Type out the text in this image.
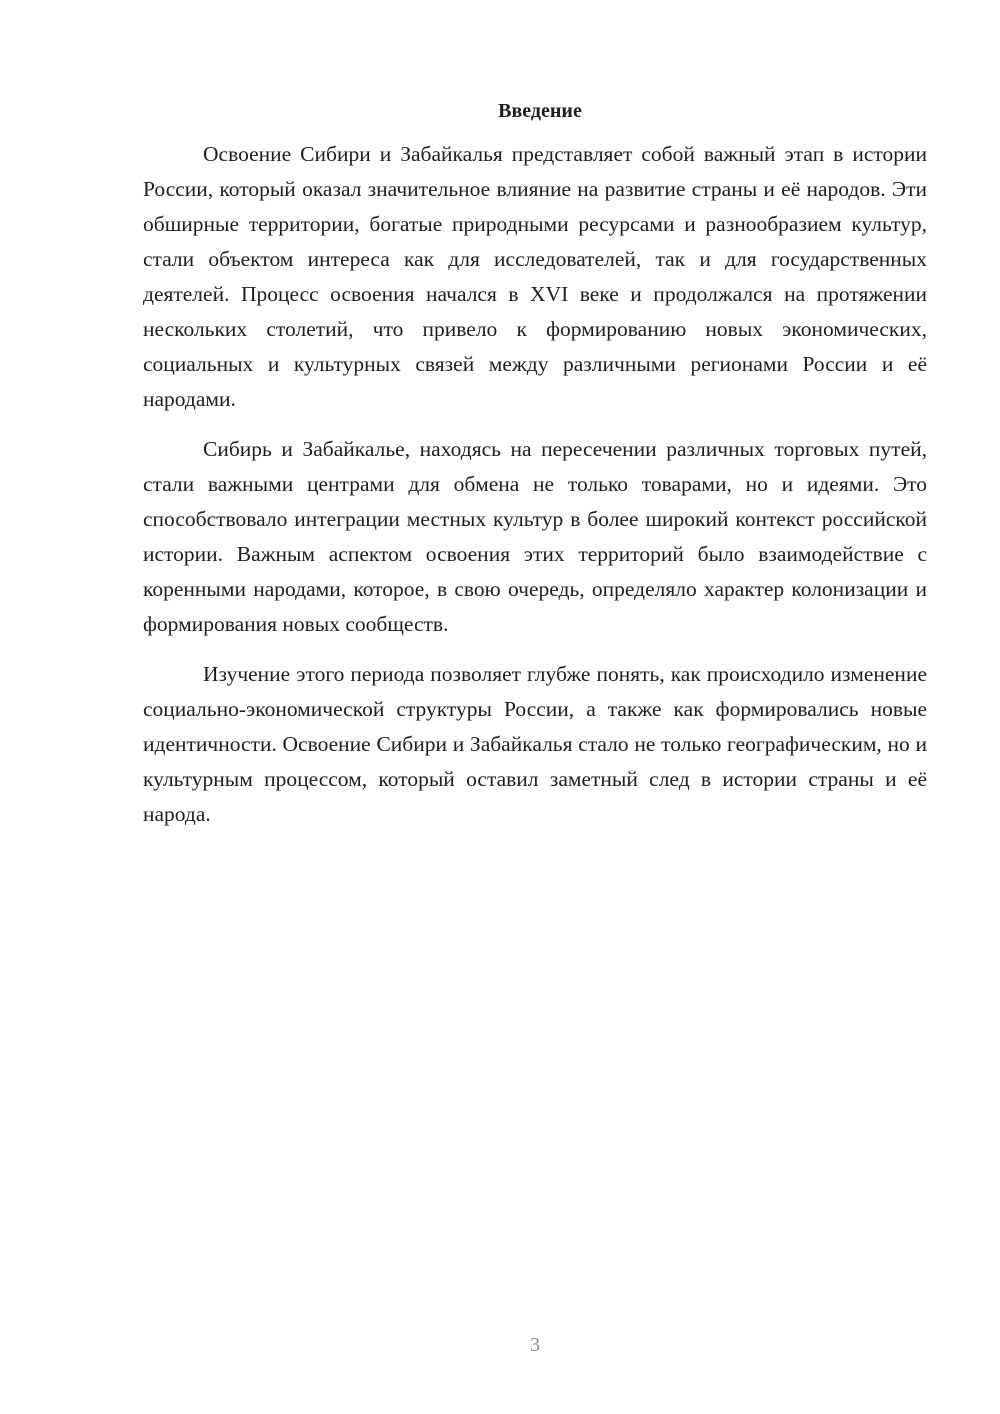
Введение

Освоение Сибири и Забайкалья представляет собой важный этап в истории России, который оказал значительное влияние на развитие страны и её народов. Эти обширные территории, богатые природными ресурсами и разнообразием культур, стали объектом интереса как для исследователей, так и для государственных деятелей. Процесс освоения начался в XVI веке и продолжался на протяжении нескольких столетий, что привело к формированию новых экономических, социальных и культурных связей между различными регионами России и её народами.

Сибирь и Забайкалье, находясь на пересечении различных торговых путей, стали важными центрами для обмена не только товарами, но и идеями. Это способствовало интеграции местных культур в более широкий контекст российской истории. Важным аспектом освоения этих территорий было взаимодействие с коренными народами, которое, в свою очередь, определяло характер колонизации и формирования новых сообществ.

Изучение этого периода позволяет глубже понять, как происходило изменение социально-экономической структуры России, а также как формировались новые идентичности. Освоение Сибири и Забайкалья стало не только географическим, но и культурным процессом, который оставил заметный след в истории страны и её народа.

3
